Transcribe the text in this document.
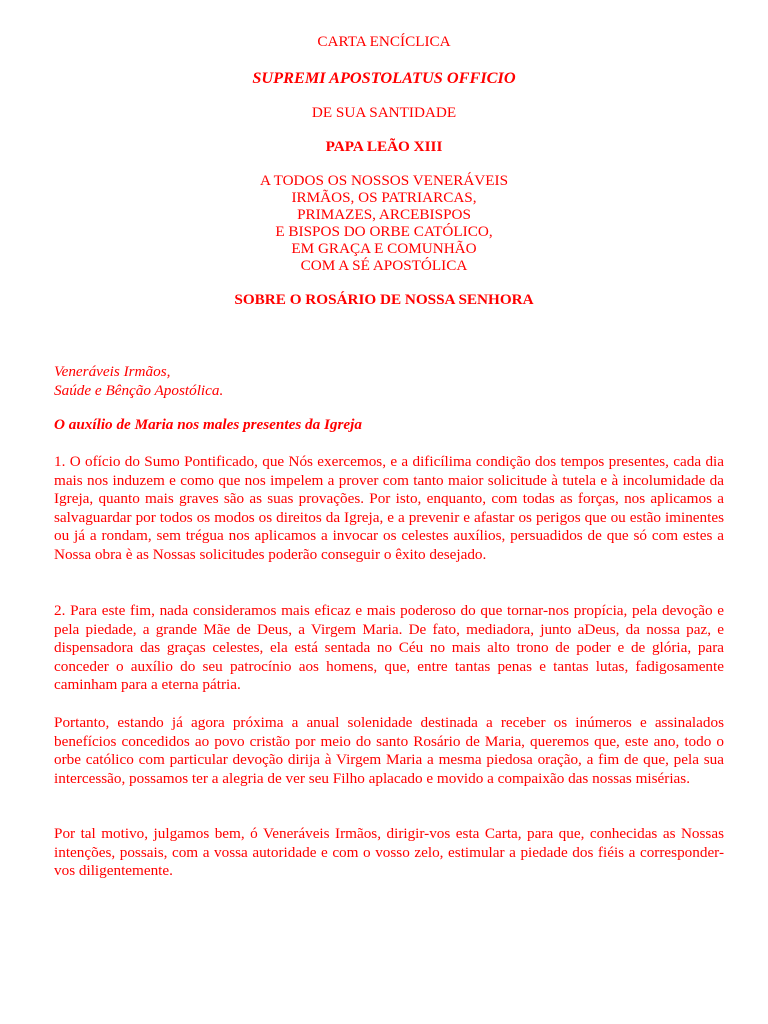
CARTA ENCÍCLICA
SUPREMI APOSTOLATUS OFFICIO
DE SUA SANTIDADE
PAPA LEÃO XIII
A TODOS OS NOSSOS VENERÁVEIS
IRMÃOS, OS PATRIARCAS,
PRIMAZES, ARCEBISPOS
E BISPOS DO ORBE CATÓLICO,
EM GRAÇA E COMUNHÃO
COM A SÉ APOSTÓLICA
SOBRE O ROSÁRIO DE NOSSA SENHORA
Veneráveis Irmãos,
Saúde e Bênção Apostólica.
O auxílio de Maria nos males presentes da Igreja

1. O ofício do Sumo Pontificado, que Nós exercemos, e a dificílima condição dos tempos presentes, cada dia mais nos induzem e como que nos impelem a prover com tanto maior solicitude à tutela e à incolumidade da Igreja, quanto mais graves são as suas provações. Por isto, enquanto, com todas as forças, nos aplicamos a salvaguardar por todos os modos os direitos da Igreja, e a prevenir e afastar os perigos que ou estão iminentes ou já a rondam, sem trégua nos aplicamos a invocar os celestes auxílios, persuadidos de que só com estes a Nossa obra è as Nossas solicitudes poderão conseguir o êxito desejado.

2. Para este fim, nada consideramos mais eficaz e mais poderoso do que tornar-nos propícia, pela devoção e pela piedade, a grande Mãe de Deus, a Virgem Maria. De fato, mediadora, junto aDeus, da nossa paz, e dispensadora das graças celestes, ela está sentada no Céu no mais alto trono de poder e de glória, para conceder o auxílio do seu patrocínio aos homens, que, entre tantas penas e tantas lutas, fadigosamente caminham para a eterna pátria.

Portanto, estando já agora próxima a anual solenidade destinada a receber os inúmeros e assinalados benefícios concedidos ao povo cristão por meio do santo Rosário de Maria, queremos que, este ano, todo o orbe católico com particular devoção dirija à Virgem Maria a mesma piedosa oração, a fim de que, pela sua intercessão, possamos ter a alegria de ver seu Filho aplacado e movido a compaixão das nossas misérias.

Por tal motivo, julgamos bem, ó Veneráveis Irmãos, dirigir-vos esta Carta, para que, conhecidas as Nossas intenções, possais, com a vossa autoridade e com o vosso zelo, estimular a piedade dos fiéis a corresponder-vos diligentemente.
